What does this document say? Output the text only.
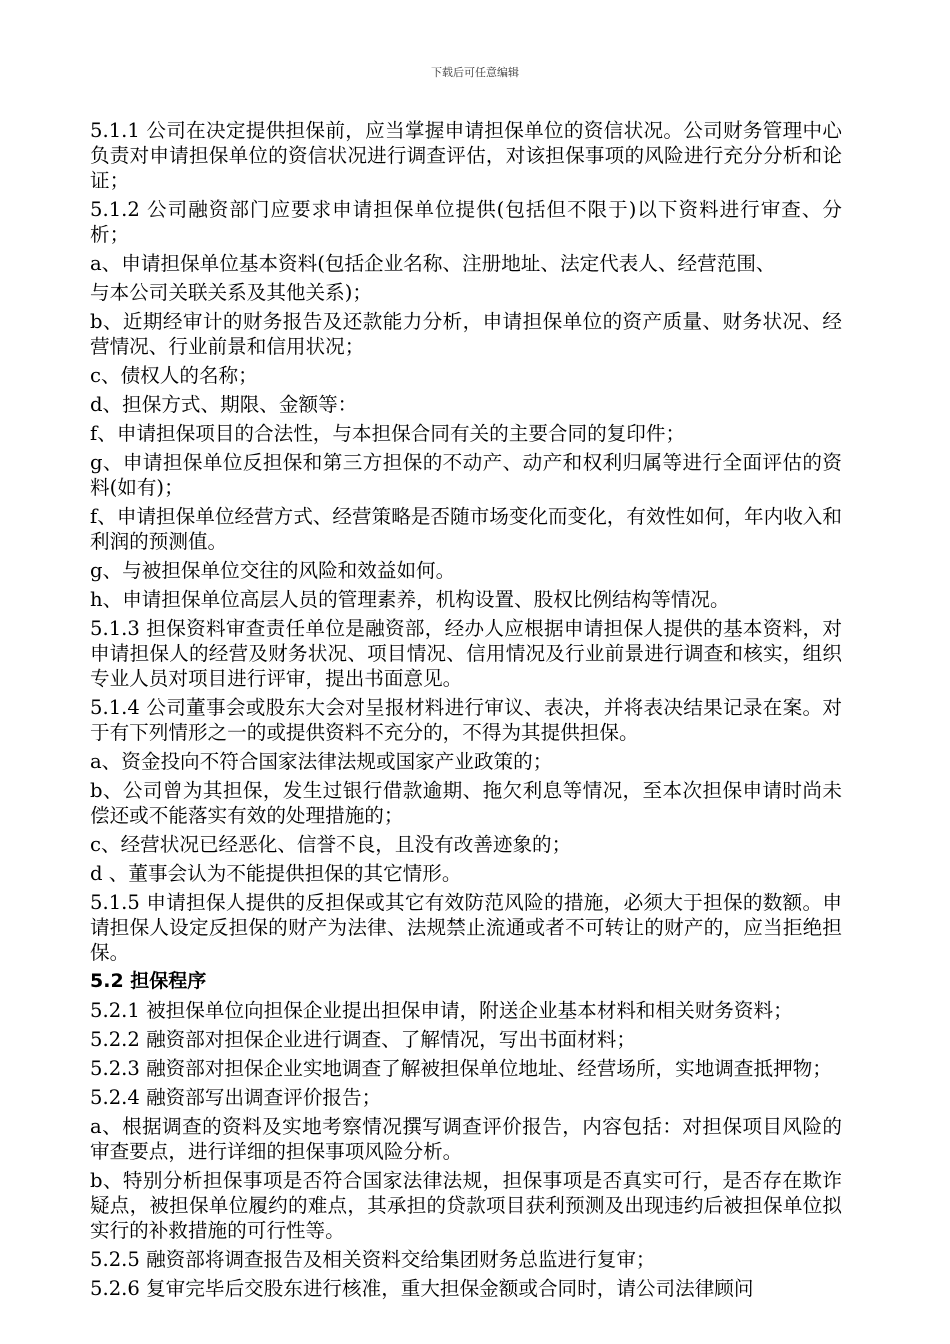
下载后可任意编辑
5.1.1 公司在决定提供担保前，应当掌握申请担保单位的资信状况。公司财务管理中心负责对申请担保单位的资信状况进行调查评估，对该担保事项的风险进行充分分析和论证；
5.1.2 公司融资部门应要求申请担保单位提供(包括但不限于)以下资料进行审查、分析；
a、申请担保单位基本资料(包括企业名称、注册地址、法定代表人、经营范围、
与本公司关联关系及其他关系)；
b、近期经审计的财务报告及还款能力分析，申请担保单位的资产质量、财务状况、经营情况、行业前景和信用状况；
c、债权人的名称；
d、担保方式、期限、金额等：
f、申请担保项目的合法性，与本担保合同有关的主要合同的复印件；
g、申请担保单位反担保和第三方担保的不动产、动产和权利归属等进行全面评估的资料(如有)；
f、申请担保单位经营方式、经营策略是否随市场变化而变化，有效性如何，年内收入和利润的预测值。
g、与被担保单位交往的风险和效益如何。
h、申请担保单位高层人员的管理素养，机构设置、股权比例结构等情况。
5.1.3 担保资料审查责任单位是融资部，经办人应根据申请担保人提供的基本资料，对申请担保人的经营及财务状况、项目情况、信用情况及行业前景进行调查和核实，组织专业人员对项目进行评审，提出书面意见。
5.1.4 公司董事会或股东大会对呈报材料进行审议、表决，并将表决结果记录在案。对于有下列情形之一的或提供资料不充分的，不得为其提供担保。
a、资金投向不符合国家法律法规或国家产业政策的；
b、公司曾为其担保，发生过银行借款逾期、拖欠利息等情况，至本次担保申请时尚未偿还或不能落实有效的处理措施的；
c、经营状况已经恶化、信誉不良，且没有改善迹象的；
d 、董事会认为不能提供担保的其它情形。
5.1.5 申请担保人提供的反担保或其它有效防范风险的措施，必须大于担保的数额。申请担保人设定反担保的财产为法律、法规禁止流通或者不可转让的财产的，应当拒绝担保。
5.2 担保程序
5.2.1 被担保单位向担保企业提出担保申请，附送企业基本材料和相关财务资料；
5.2.2 融资部对担保企业进行调查、了解情况，写出书面材料；
5.2.3 融资部对担保企业实地调查了解被担保单位地址、经营场所，实地调查抵押物；
5.2.4 融资部写出调查评价报告；
a、根据调查的资料及实地考察情况撰写调查评价报告，内容包括：对担保项目风险的审查要点，进行详细的担保事项风险分析。
b、特别分析担保事项是否符合国家法律法规，担保事项是否真实可行，是否存在欺诈疑点，被担保单位履约的难点，其承担的贷款项目获利预测及出现违约后被担保单位拟实行的补救措施的可行性等。
5.2.5 融资部将调查报告及相关资料交给集团财务总监进行复审；
5.2.6 复审完毕后交股东进行核准，重大担保金额或合同时，请公司法律顾问
